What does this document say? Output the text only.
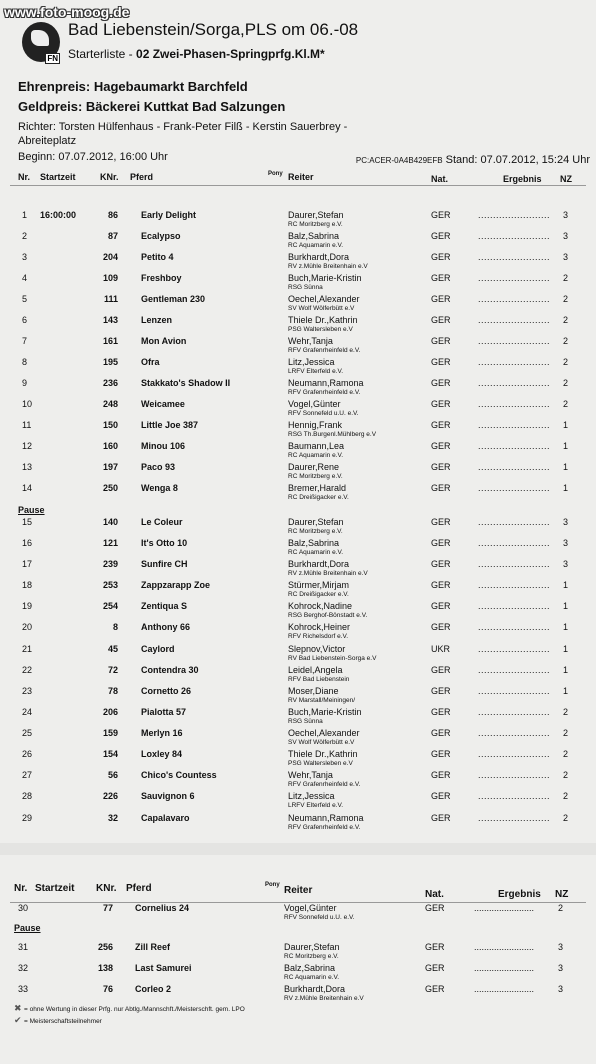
www.foto-moog.de
FN
Bad Liebenstein/Sorga,PLS om 06.-08
Starterliste - 02 Zwei-Phasen-Springprfg.Kl.M*
Ehrenpreis: Hagebaumarkt Barchfeld
Geldpreis: Bäckerei Kuttkat Bad Salzungen
Richter: Torsten Hülfenhaus - Frank-Peter Filß - Kerstin Sauerbrey -
Abreiteplatz
Beginn: 07.07.2012, 16:00 Uhr	PC:ACER-0A4B429EFB Stand: 07.07.2012, 15:24 Uhr
Nr. Startzeit	KNr. Pferd	Pony Reiter	Nat.	Ergebnis NZ
1 16:00:00	86	Early Delight	Daurer,Stefan
RC Moritzberg e.V.
GER	3
........................
2	87	Ecalypso	Balz,Sabrina
RC Aquamarin e.V.
GER	3
........................
3	204	Petito 4	Burkhardt,Dora
RV z.Mühle Breitenhain e.V
GER	3
........................
4	109	Freshboy	Buch,Marie-Kristin
RSG Sünna
GER	2
........................
5	111	Gentleman 230	Oechel,Alexander
SV Wolf Wölferbütt e.V
GER	2
........................
6	143	Lenzen	Thiele Dr.,Kathrin
PSG Waltersleben e.V
GER	2
........................
7	161	Mon Avion	Wehr,Tanja
RFV Grafenrheinfeld e.V.
GER	2
........................
8	195	Ofra	Litz,Jessica
LRFV Elterfeld e.V.
GER	2
........................
9	236	Stakkato's Shadow II	Neumann,Ramona
RFV Grafenrheinfeld e.V.
GER	2
........................
10	248	Weicamee	Vogel,Günter
RFV Sonnefeld u.U. e.V.
GER	2
........................
11	150	Little Joe 387	Hennig,Frank
RSG Th.Burgenl.Mühlberg e.V
GER	1
........................
12	160	Minou 106	Baumann,Lea
RC Aquamarin e.V.
GER	1
........................
13	197	Paco 93	Daurer,Rene
RC Moritzberg e.V.
GER	1
........................
14	250	Wenga 8	Bremer,Harald
RC Dreißigacker e.V.
GER	1
........................
15	140	Le Coleur	Daurer,Stefan
RC Moritzberg e.V.
GER	3
........................
16	121	It's Otto 10	Balz,Sabrina
RC Aquamarin e.V.
GER	3
........................
17	239	Sunfire CH	Burkhardt,Dora
RV z.Mühle Breitenhain e.V
GER	3
........................
18	253	Zappzarapp Zoe	Stürmer,Mirjam
RC Dreißigacker e.V.
GER	1
........................
19	254	Zentiqua S	Kohrock,Nadine
RSG Berghof-Bönstadt e.V.
GER	1
........................
20	8	Anthony 66	Kohrock,Heiner
RFV Richelsdorf e.V.
GER	1
........................
21	45	Caylord	Slepnov,Victor
RV Bad Liebenstein-Sorga e.V
UKR	1
........................
22	72	Contendra 30	Leidel,Angela
RFV Bad Liebenstein
GER	1
........................
23	78	Cornetto 26	Moser,Diane
RV Marstall/Meiningen/
GER	1
........................
24	206	Pialotta 57	Buch,Marie-Kristin
RSG Sünna
GER	2
........................
25	159	Merlyn 16	Oechel,Alexander
SV Wolf Wölferbütt e.V
GER	2
........................
26	154	Loxley 84	Thiele Dr.,Kathrin
PSG Waltersleben e.V
GER	2
........................
27	56	Chico's Countess	Wehr,Tanja
RFV Grafenrheinfeld e.V.
GER	2
........................
28	226	Sauvignon 6	Litz,Jessica
LRFV Elterfeld e.V.
GER	2
........................
29	32	Capalavaro	Neumann,Ramona
RFV Grafenrheinfeld e.V.
GER	2
........................
Pause
Nr. Startzeit KNr. Pferd	Pony Reiter	Nat.	Ergebnis NZ
30	77 Cornelius 24	Vogel,Günter
RFV Sonnefeld u.U. e.V.
GER	2
........................
31	256 Zill Reef	Daurer,Stefan
RC Moritzberg e.V.
GER	3
........................
32	138 Last Samurei	Balz,Sabrina
RC Aquamarin e.V.
GER	3
........................
33	76 Corleo 2	Burkhardt,Dora
RV z.Mühle Breitenhain e.V
GER	3
........................
Pause
✖ = ohne Wertung in dieser Prfg. nur Abtlg./Mannschft./Meisterschft. gem. LPO
✔ = Meisterschaftsteilnehmer
